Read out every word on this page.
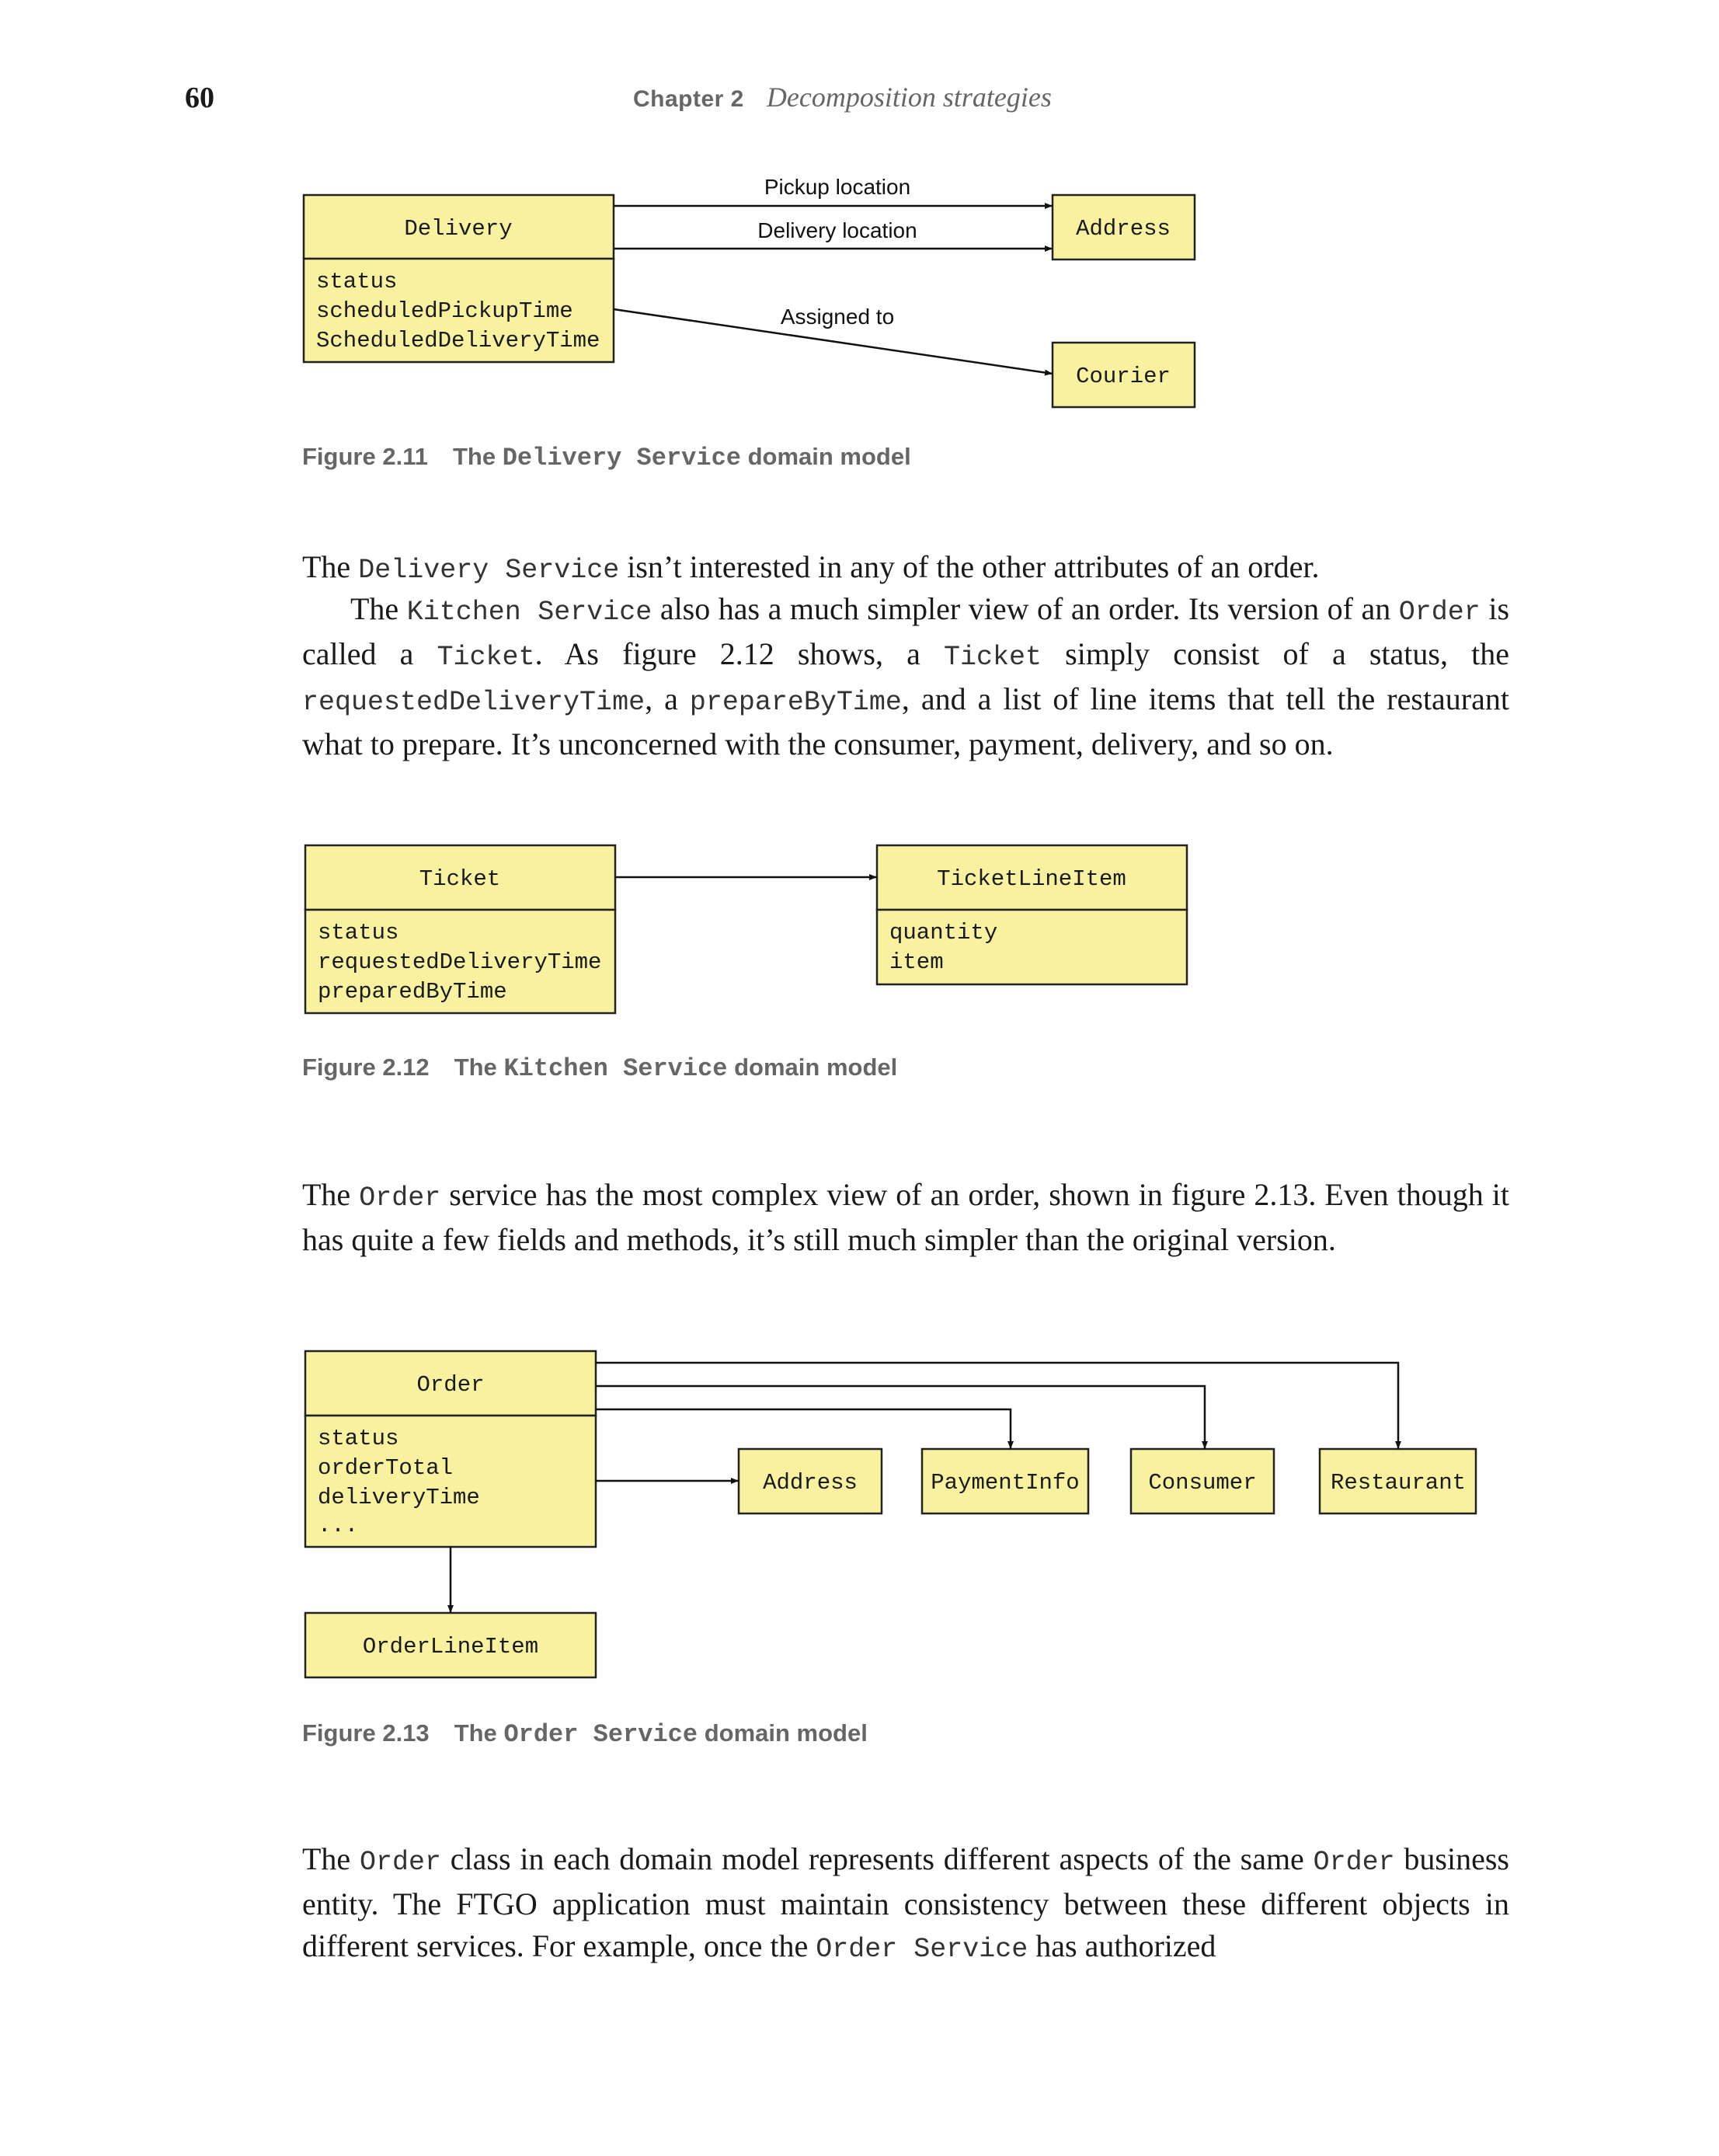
60	Chapter 2 Decomposition strategies
Delivery
status
scheduledPickupTime
ScheduledDeliveryTime
Address
Courier
Pickup location
Delivery location
Assigned to
Figure 2.11 The Delivery Service domain model

The Delivery Service isn’t interested in any of the other attributes of an order.

The Kitchen Service also has a much simpler view of an order. Its version of an Order is called a Ticket. As figure 2.12 shows, a Ticket simply consist of a status, the requestedDeliveryTime, a prepareByTime, and a list of line items that tell the restaurant what to prepare. It’s unconcerned with the consumer, payment, delivery, and so on.

Ticket
status
requestedDeliveryTime
preparedByTime
TicketLineItem
quantity
item
Figure 2.12 The Kitchen Service domain model

The Order service has the most complex view of an order, shown in figure 2.13. Even though it has quite a few fields and methods, it’s still much simpler than the original version.

Order
status
orderTotal
deliveryTime
...
Address	PaymentInfo	Consumer	Restaurant
OrderLineItem
Figure 2.13 The Order Service domain model

The Order class in each domain model represents different aspects of the same Order business entity. The FTGO application must maintain consistency between these different objects in different services. For example, once the Order Service has authorized
